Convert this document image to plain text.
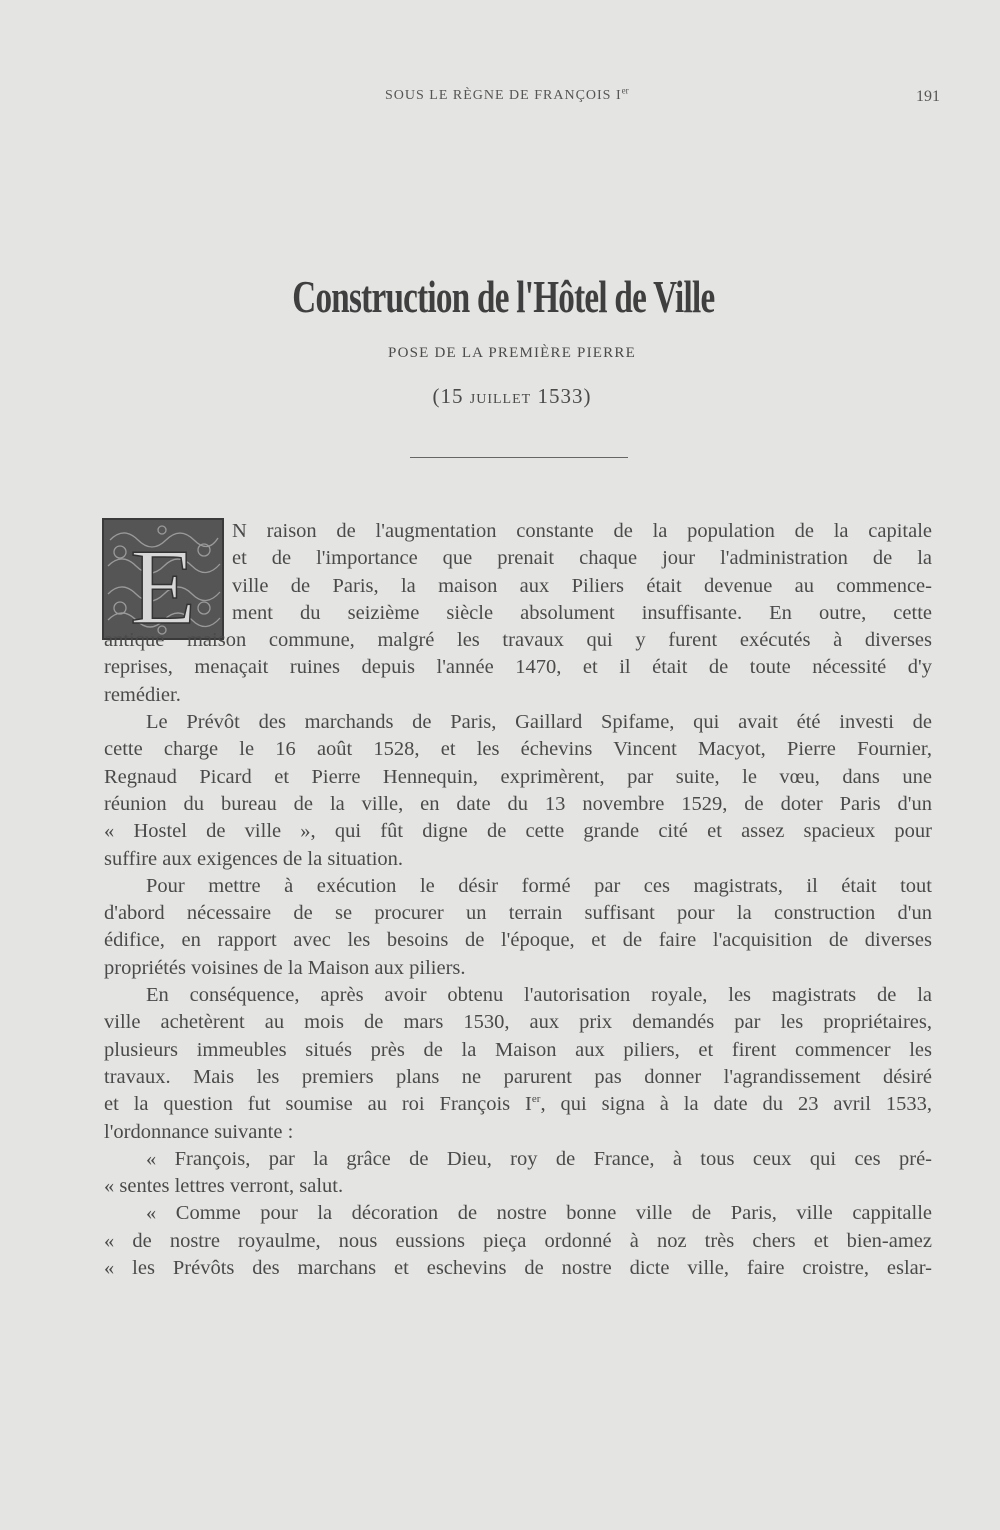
SOUS LE RÈGNE DE FRANÇOIS Ier	191
Construction de l'Hôtel de Ville
POSE DE LA PREMIÈRE PIERRE
(15 JUILLET 1533)
E	N raison de l'augmentation constante de la population de la capitale
et de l'importance que prenait chaque jour l'administration de la
ville de Paris, la maison aux Piliers était devenue au commence-
ment du seizième siècle absolument insuffisante. En outre, cette
antique maison commune, malgré les travaux qui y furent exécutés à diverses
reprises, menaçait ruines depuis l'année 1470, et il était de toute nécessité d'y
remédier.
Le Prévôt des marchands de Paris, Gaillard Spifame, qui avait été investi de
cette charge le 16 août 1528, et les échevins Vincent Macyot, Pierre Fournier,
Regnaud Picard et Pierre Hennequin, exprimèrent, par suite, le vœu, dans une
réunion du bureau de la ville, en date du 13 novembre 1529, de doter Paris d'un
« Hostel de ville », qui fût digne de cette grande cité et assez spacieux pour
suffire aux exigences de la situation.
Pour mettre à exécution le désir formé par ces magistrats, il était tout
d'abord nécessaire de se procurer un terrain suffisant pour la construction d'un
édifice, en rapport avec les besoins de l'époque, et de faire l'acquisition de diverses
propriétés voisines de la Maison aux piliers.
En conséquence, après avoir obtenu l'autorisation royale, les magistrats de la
ville achetèrent au mois de mars 1530, aux prix demandés par les propriétaires,
plusieurs immeubles situés près de la Maison aux piliers, et firent commencer les
travaux. Mais les premiers plans ne parurent pas donner l'agrandissement désiré
et la question fut soumise au roi François Ier, qui signa à la date du 23 avril 1533,
l'ordonnance suivante :
« François, par la grâce de Dieu, roy de France, à tous ceux qui ces pré-
« sentes lettres verront, salut.
« Comme pour la décoration de nostre bonne ville de Paris, ville cappitalle
« de nostre royaulme, nous eussions pieça ordonné à noz très chers et bien-amez
« les Prévôts des marchans et eschevins de nostre dicte ville, faire croistre, eslar-
